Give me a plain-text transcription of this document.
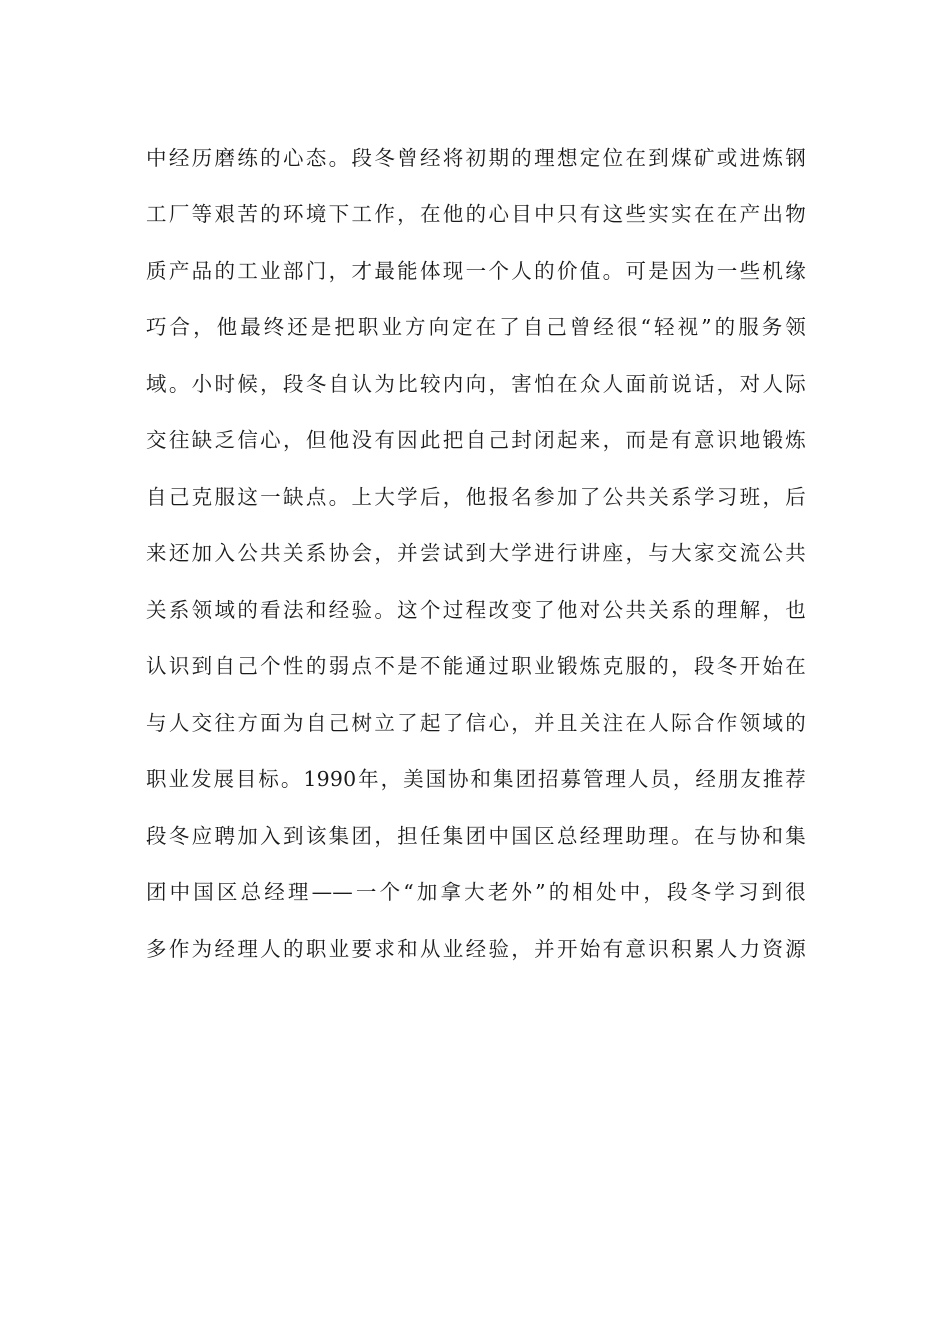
中经历磨练的心态。段冬曾经将初期的理想定位在到煤矿或进炼钢
工厂等艰苦的环境下工作，在他的心目中只有这些实实在在产出物
质产品的工业部门，才最能体现一个人的价值。可是因为一些机缘
巧合，他最终还是把职业方向定在了自己曾经很“轻视”的服务领
域。小时候，段冬自认为比较内向，害怕在众人面前说话，对人际
交往缺乏信心，但他没有因此把自己封闭起来，而是有意识地锻炼
自己克服这一缺点。上大学后，他报名参加了公共关系学习班，后
来还加入公共关系协会，并尝试到大学进行讲座，与大家交流公共
关系领域的看法和经验。这个过程改变了他对公共关系的理解，也
认识到自己个性的弱点不是不能通过职业锻炼克服的，段冬开始在
与人交往方面为自己树立了起了信心，并且关注在人际合作领域的
职业发展目标。1990年，美国协和集团招募管理人员，经朋友推荐
段冬应聘加入到该集团，担任集团中国区总经理助理。在与协和集
团中国区总经理——一个“加拿大老外”的相处中，段冬学习到很
多作为经理人的职业要求和从业经验，并开始有意识积累人力资源
